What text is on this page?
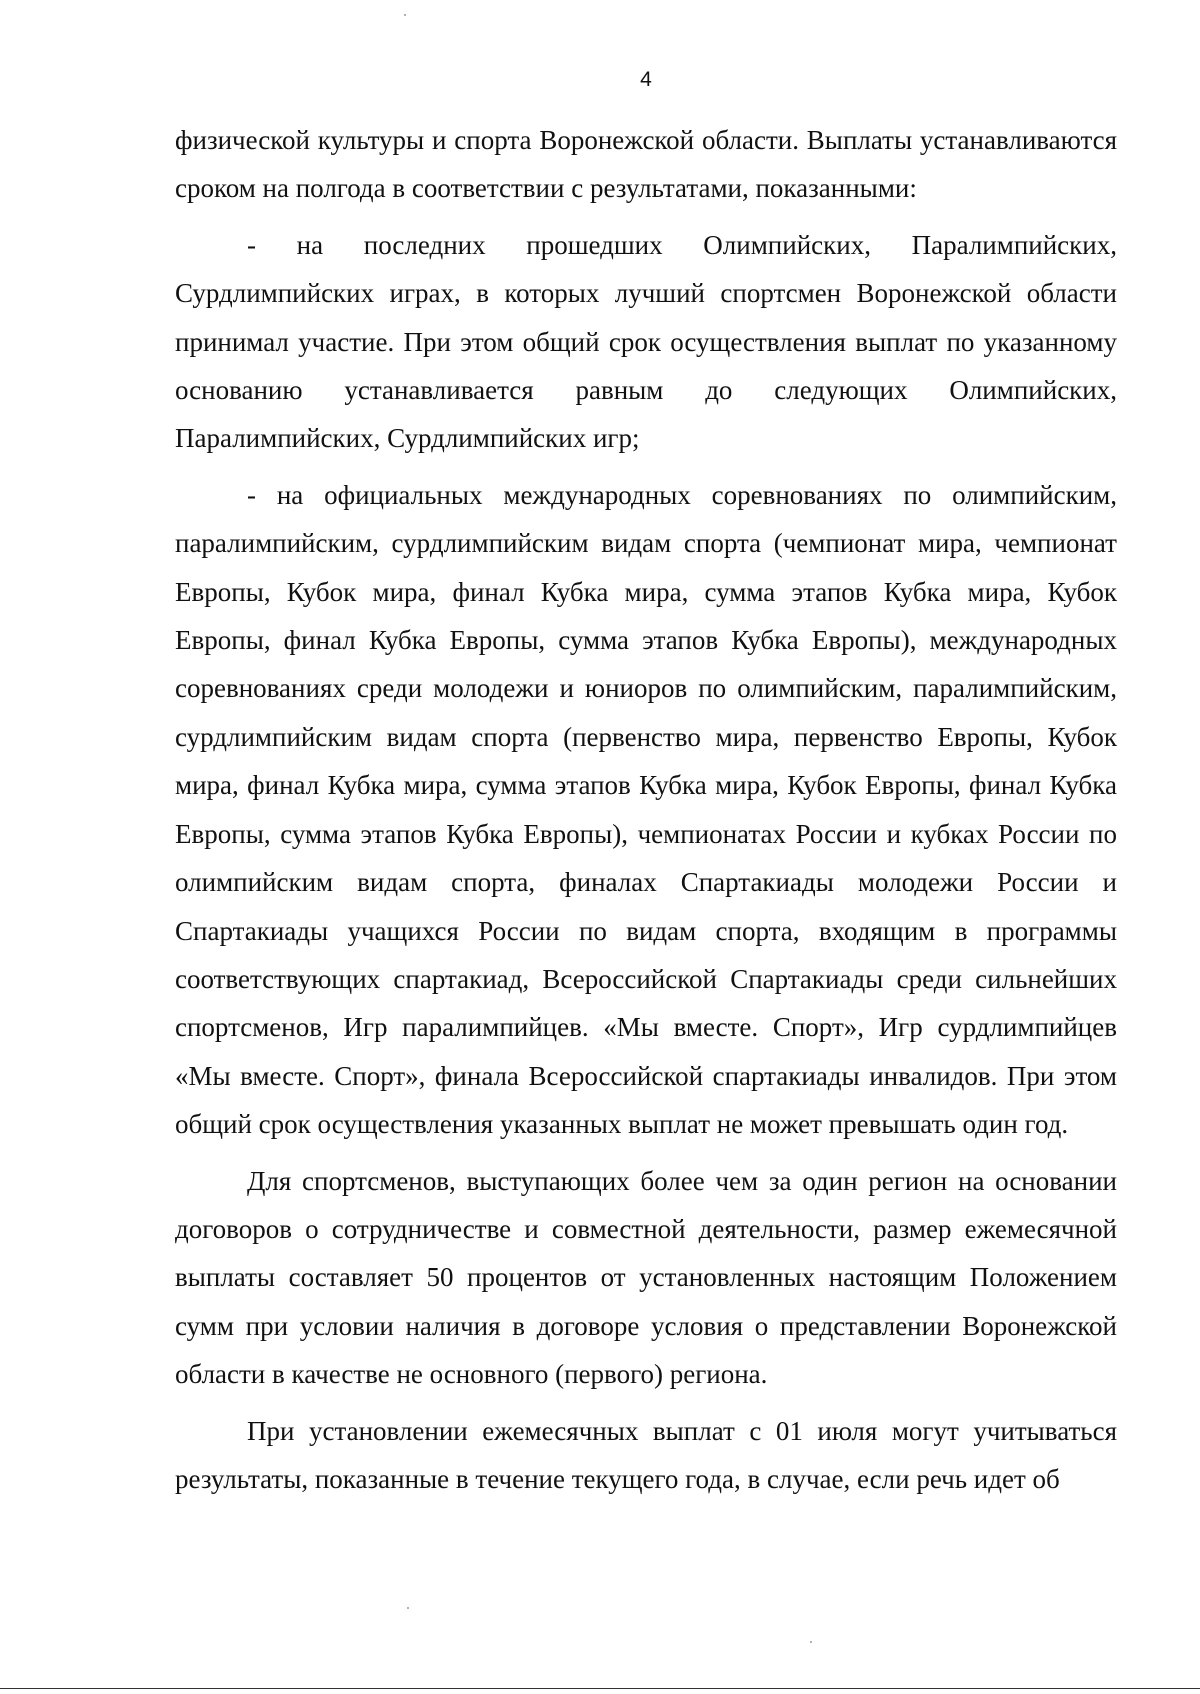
4

физической культуры и спорта Воронежской области. Выплаты устанавливаются сроком на полгода в соответствии с результатами, показанными:

- на последних прошедших Олимпийских, Паралимпийских, Сурдлимпийских играх, в которых лучший спортсмен Воронежской области принимал участие. При этом общий срок осуществления выплат по указанному основанию устанавливается равным до следующих Олимпийских, Паралимпийских, Сурдлимпийских игр;

- на официальных международных соревнованиях по олимпийским, паралимпийским, сурдлимпийским видам спорта (чемпионат мира, чемпионат Европы, Кубок мира, финал Кубка мира, сумма этапов Кубка мира, Кубок Европы, финал Кубка Европы, сумма этапов Кубка Европы), международных соревнованиях среди молодежи и юниоров по олимпийским, паралимпийским, сурдлимпийским видам спорта (первенство мира, первенство Европы, Кубок мира, финал Кубка мира, сумма этапов Кубка мира, Кубок Европы, финал Кубка Европы, сумма этапов Кубка Европы), чемпионатах России и кубках России по олимпийским видам спорта, финалах Спартакиады молодежи России и Спартакиады учащихся России по видам спорта, входящим в программы соответствующих спартакиад, Всероссийской Спартакиады среди сильнейших спортсменов, Игр паралимпийцев. «Мы вместе. Спорт», Игр сурдлимпийцев «Мы вместе. Спорт», финала Всероссийской спартакиады инвалидов. При этом общий срок осуществления указанных выплат не может превышать один год.

Для спортсменов, выступающих более чем за один регион на основании договоров о сотрудничестве и совместной деятельности, размер ежемесячной выплаты составляет 50 процентов от установленных настоящим Положением сумм при условии наличия в договоре условия о представлении Воронежской области в качестве не основного (первого) региона.

При установлении ежемесячных выплат с 01 июля могут учитываться результаты, показанные в течение текущего года, в случае, если речь идет об
